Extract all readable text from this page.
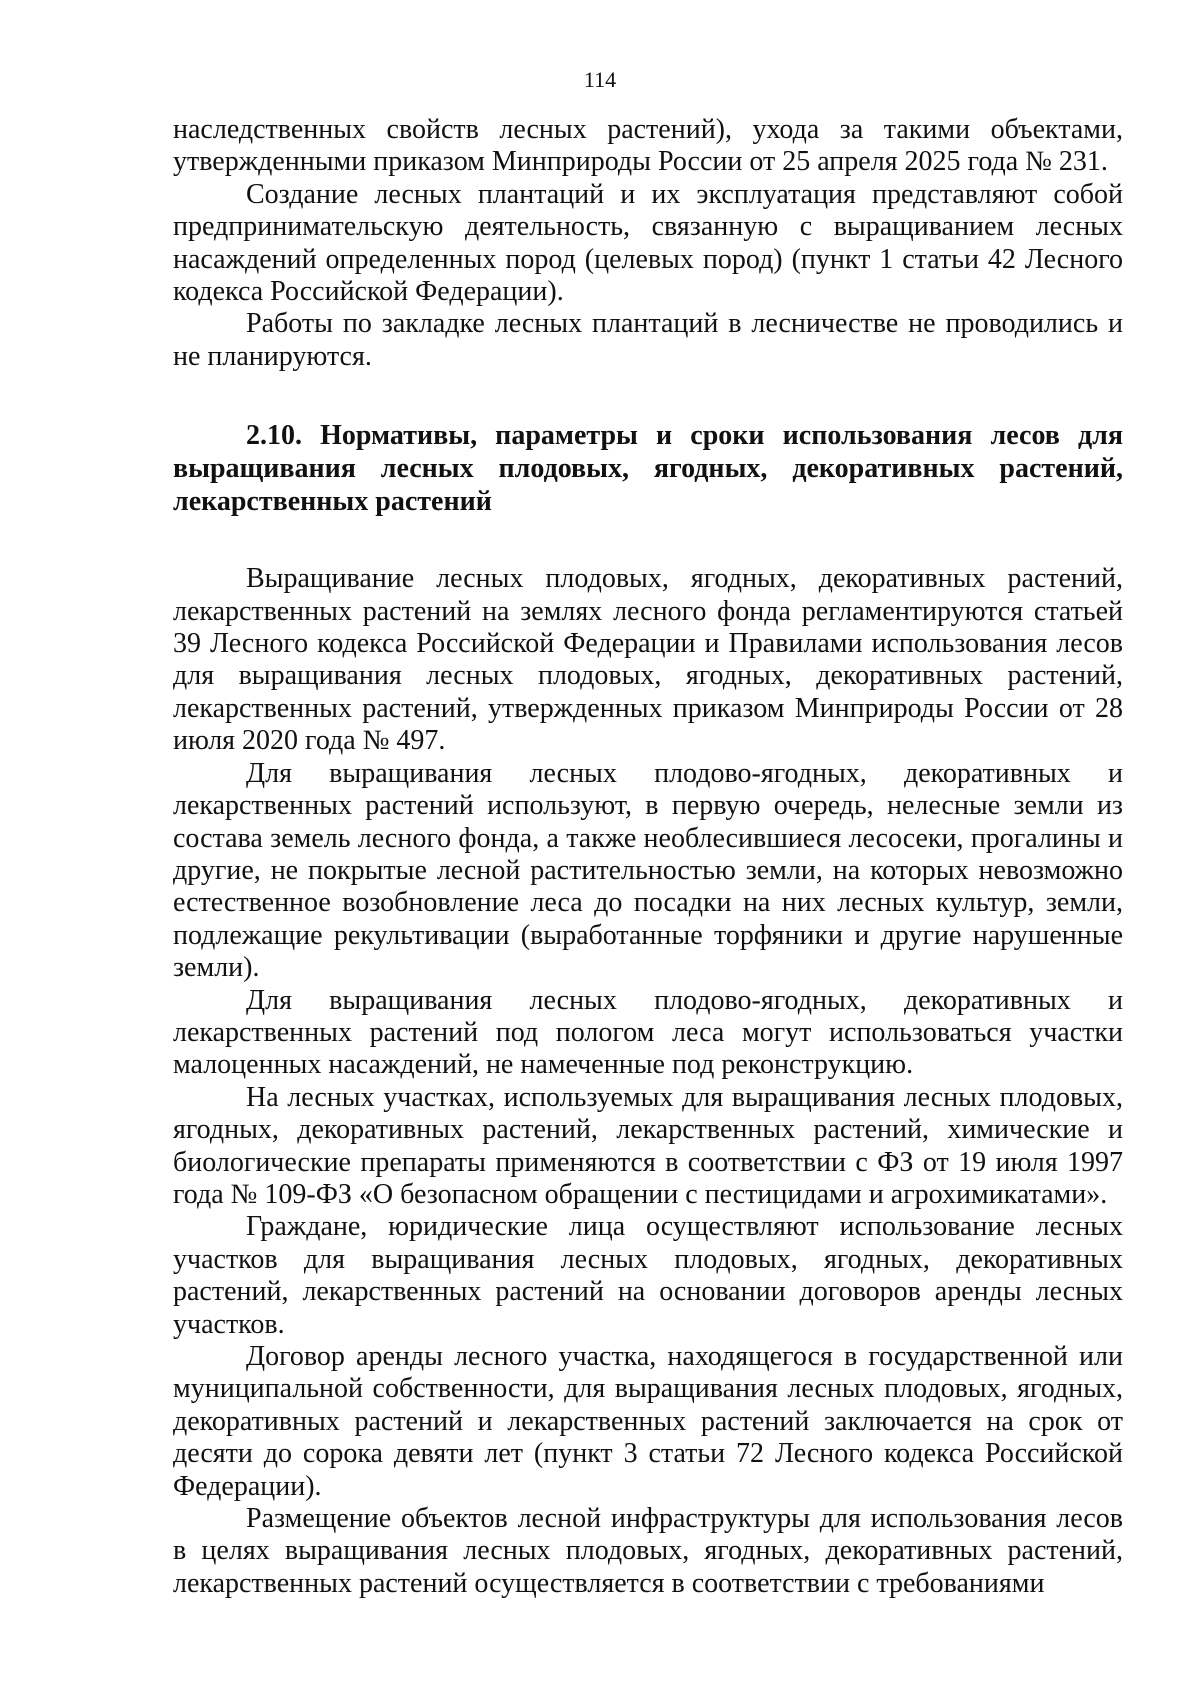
114

наследственных свойств лесных растений), ухода за такими объектами, утвержденными приказом Минприроды России от 25 апреля 2025 года № 231.

Создание лесных плантаций и их эксплуатация представляют собой предпринимательскую деятельность, связанную с выращиванием лесных насаждений определенных пород (целевых пород) (пункт 1 статьи 42 Лесного кодекса Российской Федерации).

Работы по закладке лесных плантаций в лесничестве не проводились и не планируются.

2.10. Нормативы, параметры и сроки использования лесов для выращивания лесных плодовых, ягодных, декоративных растений, лекарственных растений

Выращивание лесных плодовых, ягодных, декоративных растений, лекарственных растений на землях лесного фонда регламентируются статьей 39 Лесного кодекса Российской Федерации и Правилами использования лесов для выращивания лесных плодовых, ягодных, декоративных растений, лекарственных растений, утвержденных приказом Минприроды России от 28 июля 2020 года № 497.

Для выращивания лесных плодово-ягодных, декоративных и лекарственных растений используют, в первую очередь, нелесные земли из состава земель лесного фонда, а также необлесившиеся лесосеки, прогалины и другие, не покрытые лесной растительностью земли, на которых невозможно естественное возобновление леса до посадки на них лесных культур, земли, подлежащие рекультивации (выработанные торфяники и другие нарушенные земли).

Для выращивания лесных плодово-ягодных, декоративных и лекарственных растений под пологом леса могут использоваться участки малоценных насаждений, не намеченные под реконструкцию.

На лесных участках, используемых для выращивания лесных плодовых, ягодных, декоративных растений, лекарственных растений, химические и биологические препараты применяются в соответствии с ФЗ от 19 июля 1997 года № 109-ФЗ «О безопасном обращении с пестицидами и агрохимикатами».

Граждане, юридические лица осуществляют использование лесных участков для выращивания лесных плодовых, ягодных, декоративных растений, лекарственных растений на основании договоров аренды лесных участков.

Договор аренды лесного участка, находящегося в государственной или муниципальной собственности, для выращивания лесных плодовых, ягодных, декоративных растений и лекарственных растений заключается на срок от десяти до сорока девяти лет (пункт 3 статьи 72 Лесного кодекса Российской Федерации).

Размещение объектов лесной инфраструктуры для использования лесов в целях выращивания лесных плодовых, ягодных, декоративных растений, лекарственных растений осуществляется в соответствии с требованиями
